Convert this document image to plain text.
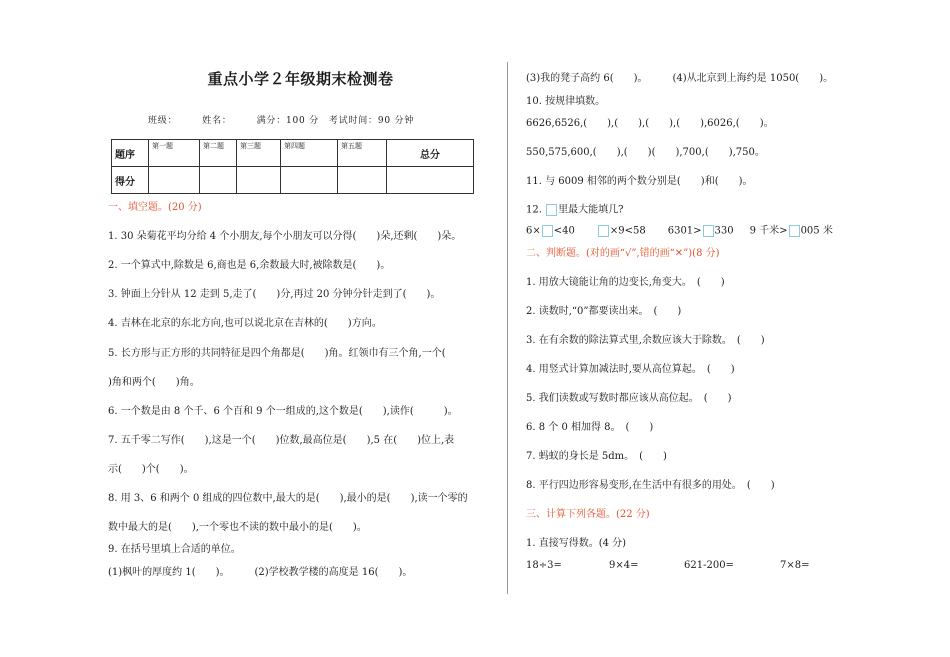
重点小学２年级期末检测卷
班级：　　　姓名：　　　满分：100 分　考试时间：90 分钟
题序	第一题	第二题	第三题	第四题	第五题	总分
得分						
一、填空题。(20 分)
1. 30 朵菊花平均分给 4 个小朋友,每个小朋友可以分得(　　)朵,还剩(　　)朵。
2. 一个算式中,除数是 6,商也是 6,余数最大时,被除数是(　　)。
3. 钟面上分针从 12 走到 5,走了(　　)分,再过 20 分钟分针走到了(　　)。
4. 吉林在北京的东北方向,也可以说北京在吉林的(　　)方向。
5. 长方形与正方形的共同特征是四个角都是(　　)角。红领巾有三个角,一个(
)角和两个(　　)角。
6. 一个数是由 8 个千、6 个百和 9 个一组成的,这个数是(　　),读作(　　　)。
7. 五千零二写作(　　),这是一个(　　)位数,最高位是(　　),5 在(　　)位上,表
示(　　)个(　　)。
8. 用 3、6 和两个 0 组成的四位数中,最大的是(　　),最小的是(　　),读一个零的
数中最大的是(　　),一个零也不读的数中最小的是(　　)。
9. 在括号里填上合适的单位。
(1)枫叶的厚度约 1(　　)。　　　(2)学校教学楼的高度是 16(　　)。
(3)我的凳子高约 6(　　)。　　　(4)从北京到上海约是 1050(　　)。
10. 按规律填数。
6626,6526,(　　),(　　),(　　),(　　),6026,(　　)。
550,575,600,(　　),(　　)(　　),700,(　　),750。
11. 与 6009 相邻的两个数分别是(　　)和(　　)。
12. 里最大能填几?
6× <40	×9<58 6301> 330 9 千米> 005 米
二、判断题。(对的画“√”,错的画“✕”)(8 分)
1. 用放大镜能让角的边变长,角变大。　(　　)
2. 读数时,“0”都要读出来。　(　　)
3. 在有余数的除法算式里,余数应该大于除数。　(　　)
4. 用竖式计算加减法时,要从高位算起。　(　　)
5. 我们读数或写数时都应该从高位起。　(　　)
6. 8 个 0 相加得 8。　(　　)
7. 蚂蚁的身长是 5dm。　(　　)
8. 平行四边形容易变形,在生活中有很多的用处。　(　　)
三、计算下列各题。(22 分)
1. 直接写得数。(4 分)
18÷3=	9×4=	621-200=	7×8=
